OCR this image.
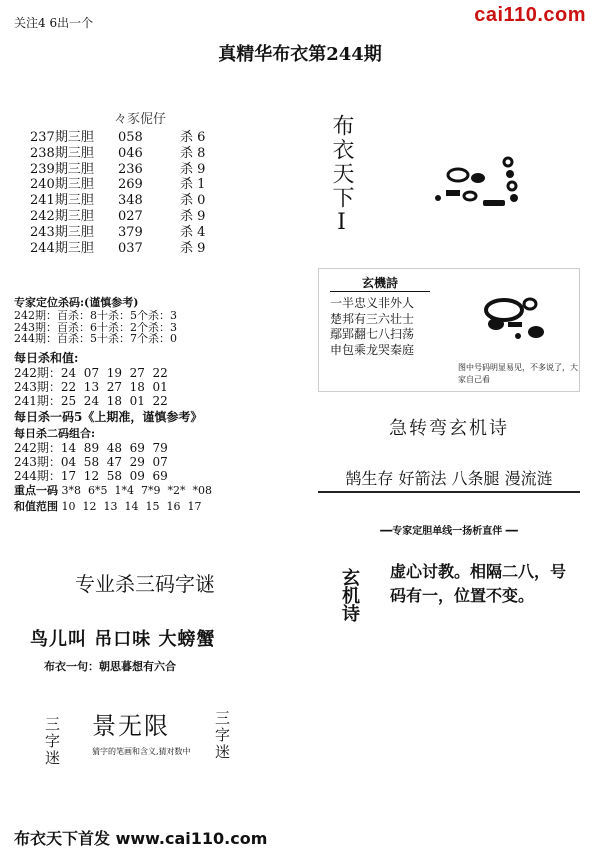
关注4 6出一个	cai110.com
真精华布衣第244期
々豕伲仔
237期三胆 058	杀 6
238期三胆 046	杀 8
239期三胆 236	杀 9
240期三胆 269	杀 1
241期三胆 348	杀 0
242期三胆 027	杀 9
243期三胆 379	杀 4
244期三胆 037	杀 9
专家定位杀码:(谨慎参考)
242期：百杀：8十杀：5个杀：3
243期：百杀：6十杀：2个杀：3
244期：百杀：5十杀：7个杀：0
每日杀和值:
242期：24  07  19  27  22
243期：22  13  27  18  01
241期：25  24  18  01  22
每日杀一码5《上期准，谨慎参考》
每日杀二码组合:
242期：14  89  48  69  79
243期：04  58  47  29  07
244期：17  12  58  09  69
重点一码 3*8  6*5  1*4  7*9  *2*  *08
和值范围 10  12  13  14  15  16  17
专业杀三码字谜
鸟儿叫 吊口味 大螃蟹
布衣一句：朝思暮想有六合
三字迷 景无限
猜字的笔画和含义,猜对数中 三字迷
布衣天下I
玄機詩
一半忠义非外人
楚邦有三六壮士
鄢郢翻七八扫荡
申包乘龙哭秦庭
图中号码明显易见，不多说了，大家自己看
急转弯玄机诗
鹄生存 好箭法 八条腿 漫流涟
━━专家定胆单线一扬析直伴 ━━
玄机诗 虚心讨教。相隔二八，号码有一，位置不变。
布衣天下首发 www.cai110.com
